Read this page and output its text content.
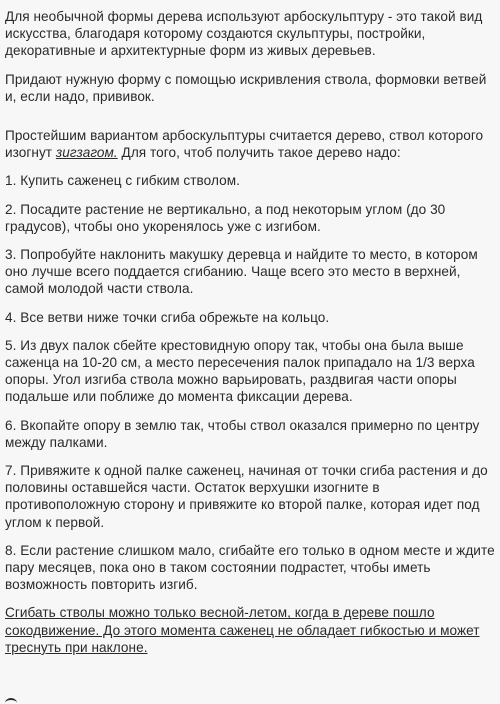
Для необычной формы дерева используют арбоскульптуру - это такой вид искусства, благодаря которому создаются скульптуры, постройки, декоративные и архитектурные форм из живых деревьев.

Придают нужную форму с помощью искривления ствола, формовки ветвей и, если надо, прививок.

Простейшим вариантом арбоскульптуры считается дерево, ствол которого изогнут зигзагом. Для того, чтоб получить такое дерево надо:

1. Купить саженец с гибким стволом.

2. Посадите растение не вертикально, а под некоторым углом (до 30 градусов), чтобы оно укоренялось уже с изгибом.

3. Попробуйте наклонить макушку деревца и найдите то место, в котором оно лучше всего поддается сгибанию. Чаще всего это место в верхней, самой молодой части ствола.

4. Все ветви ниже точки сгиба обрежьте на кольцо.

5. Из двух палок сбейте крестовидную опору так, чтобы она была выше саженца на 10-20 см, а место пересечения палок припадало на 1/3 верха опоры. Угол изгиба ствола можно варьировать, раздвигая части опоры подальше или поближе до момента фиксации дерева.

6. Вкопайте опору в землю так, чтобы ствол оказался примерно по центру между палками.

7. Привяжите к одной палке саженец, начиная от точки сгиба растения и до половины оставшейся части. Остаток верхушки изогните в противоположную сторону и привяжите ко второй палке, которая идет под углом к первой.

8. Если растение слишком мало, сгибайте его только в одном месте и ждите пару месяцев, пока оно в таком состоянии подрастет, чтобы иметь возможность повторить изгиб.

Сгибать стволы можно только весной-летом, когда в дереве пошло сокодвижение. До этого момента саженец не обладает гибкостью и может треснуть при наклоне.
